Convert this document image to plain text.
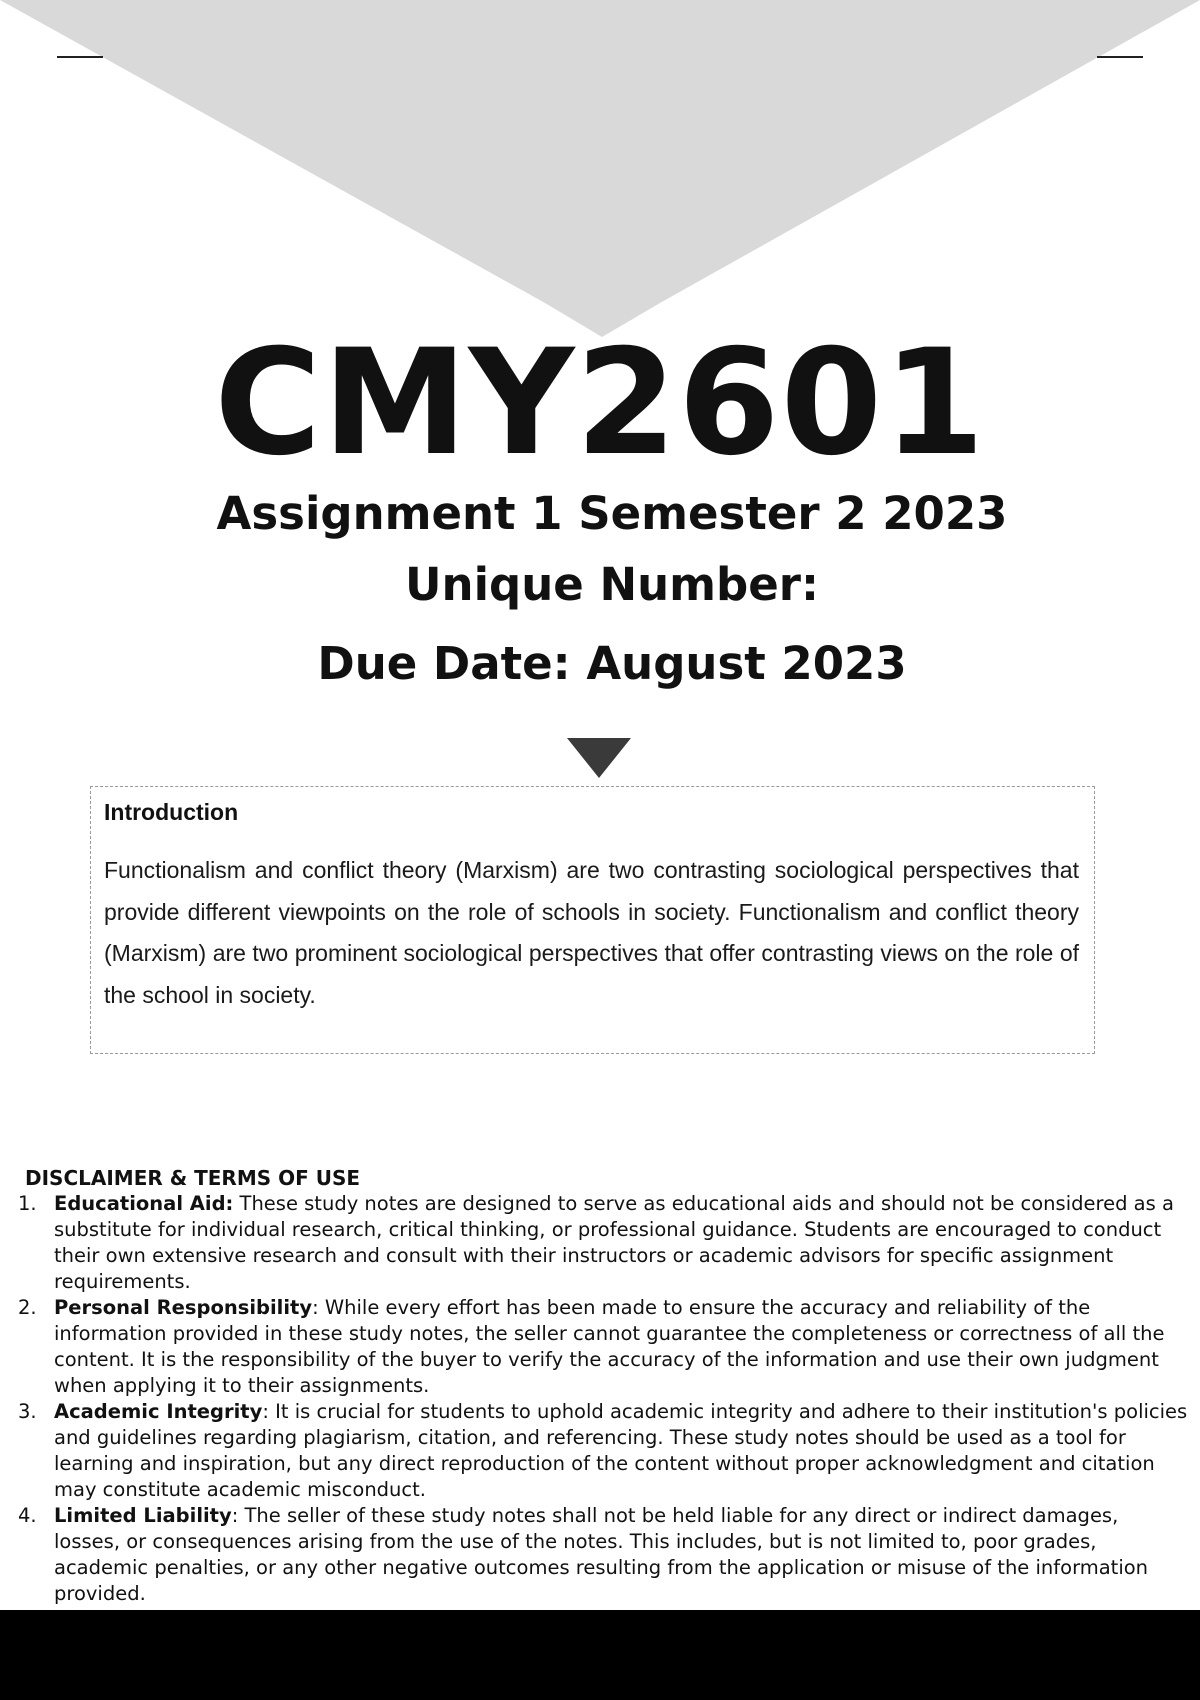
CMY2601
Assignment 1 Semester 2 2023
Unique Number:
Due Date: August 2023
Introduction
Functionalism and conflict theory (Marxism) are two contrasting sociological perspectives that provide different viewpoints on the role of schools in society. Functionalism and conflict theory (Marxism) are two prominent sociological perspectives that offer contrasting views on the role of the school in society.
DISCLAIMER & TERMS OF USE
1. Educational Aid: These study notes are designed to serve as educational aids and should not be considered as a substitute for individual research, critical thinking, or professional guidance. Students are encouraged to conduct their own extensive research and consult with their instructors or academic advisors for specific assignment requirements.
2. Personal Responsibility: While every effort has been made to ensure the accuracy and reliability of the information provided in these study notes, the seller cannot guarantee the completeness or correctness of all the content. It is the responsibility of the buyer to verify the accuracy of the information and use their own judgment when applying it to their assignments.
3. Academic Integrity: It is crucial for students to uphold academic integrity and adhere to their institution's policies and guidelines regarding plagiarism, citation, and referencing. These study notes should be used as a tool for learning and inspiration, but any direct reproduction of the content without proper acknowledgment and citation may constitute academic misconduct.
4. Limited Liability: The seller of these study notes shall not be held liable for any direct or indirect damages, losses, or consequences arising from the use of the notes. This includes, but is not limited to, poor grades, academic penalties, or any other negative outcomes resulting from the application or misuse of the information provided.
